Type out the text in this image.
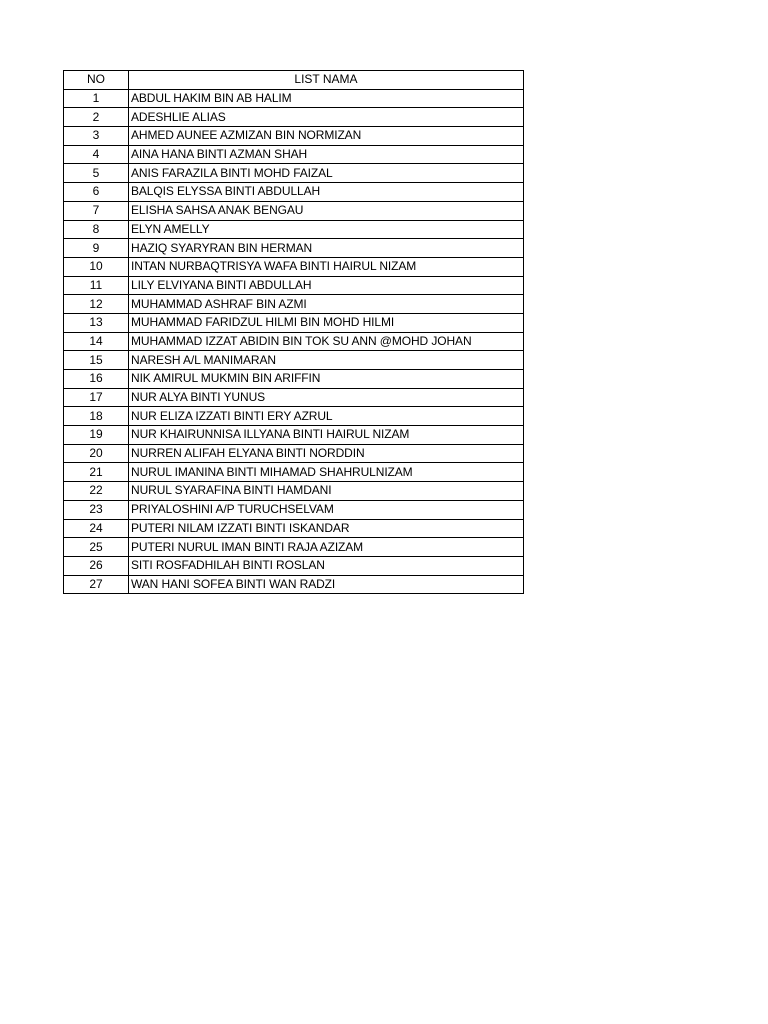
NO	LIST NAMA
1	ABDUL HAKIM BIN AB HALIM
2	ADESHLIE ALIAS
3	AHMED AUNEE AZMIZAN BIN NORMIZAN
4	AINA HANA BINTI AZMAN SHAH
5	ANIS FARAZILA BINTI MOHD FAIZAL
6	BALQIS ELYSSA BINTI ABDULLAH
7	ELISHA SAHSA ANAK BENGAU
8	ELYN AMELLY
9	HAZIQ SYARYRAN BIN HERMAN
10	INTAN NURBAQTRISYA WAFA BINTI HAIRUL NIZAM
11	LILY ELVIYANA BINTI ABDULLAH
12	MUHAMMAD ASHRAF BIN AZMI
13	MUHAMMAD FARIDZUL HILMI BIN MOHD HILMI
14	MUHAMMAD IZZAT ABIDIN BIN TOK SU ANN @MOHD JOHAN
15	NARESH A/L MANIMARAN
16	NIK AMIRUL MUKMIN BIN ARIFFIN
17	NUR ALYA BINTI YUNUS
18	NUR ELIZA IZZATI BINTI ERY AZRUL
19	NUR KHAIRUNNISA ILLYANA BINTI HAIRUL NIZAM
20	NURREN ALIFAH ELYANA BINTI NORDDIN
21	NURUL IMANINA BINTI MIHAMAD SHAHRULNIZAM
22	NURUL SYARAFINA BINTI HAMDANI
23	PRIYALOSHINI A/P TURUCHSELVAM
24	PUTERI NILAM IZZATI BINTI ISKANDAR
25	PUTERI NURUL IMAN BINTI RAJA AZIZAM
26	SITI ROSFADHILAH BINTI ROSLAN
27	WAN HANI SOFEA BINTI WAN RADZI
